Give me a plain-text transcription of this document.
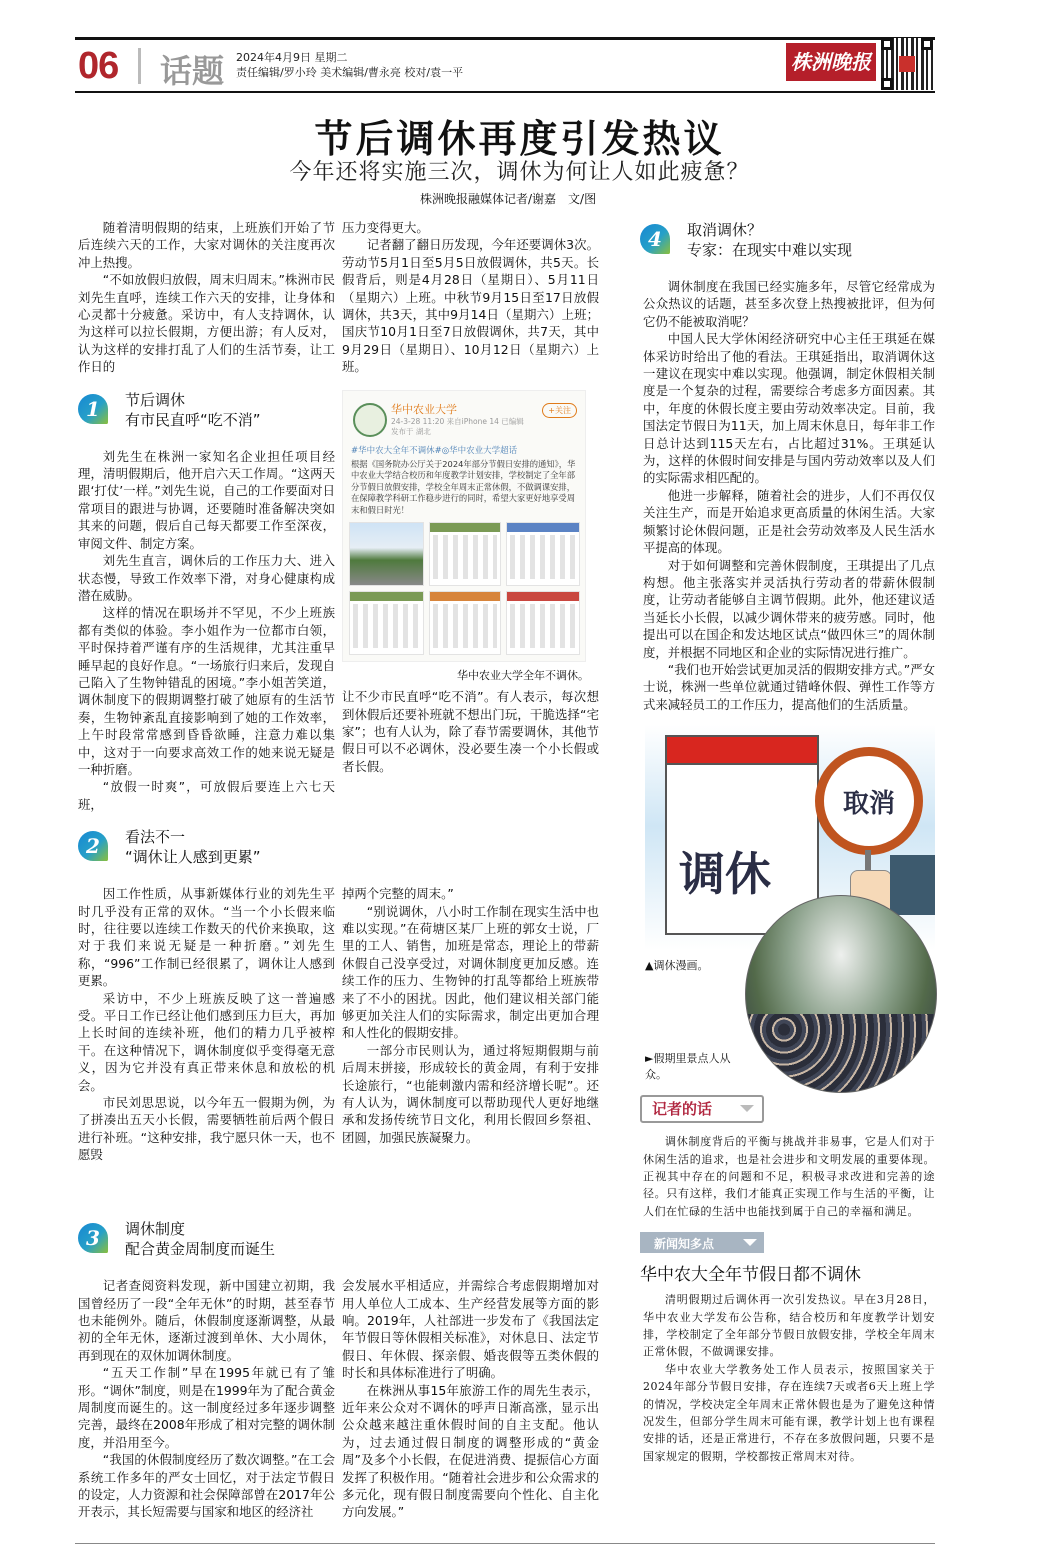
06 话题 2024年4月9日 星期二
责任编辑/罗小玲 美术编辑/曹永亮 校对/袁一平	株洲晚报
节后调休再度引发热议
今年还将实施三次，调休为何让人如此疲惫？
株洲晚报融媒体记者/谢嘉　文/图

随着清明假期的结束，上班族们开始了节后连续六天的工作，大家对调休的关注度再次冲上热搜。

“不如放假归放假，周末归周末。”株洲市民刘先生直呼，连续工作六天的安排，让身体和心灵都十分疲惫。采访中，有人支持调休，认为这样可以拉长假期，方便出游；有人反对，认为这样的安排打乱了人们的生活节奏，让工作日的

压力变得更大。

记者翻了翻日历发现，今年还要调休3次。劳动节5月1日至5月5日放假调休，共5天。长假背后，则是4月28日（星期日）、5月11日（星期六）上班。中秋节9月15日至17日放假调休，共3天，其中9月14日（星期六）上班；国庆节10月1日至7日放假调休，共7天，其中9月29日（星期日）、10月12日（星期六）上班。

1	节后调休
有市民直呼“吃不消”

刘先生在株洲一家知名企业担任项目经理，清明假期后，他开启六天工作周。“这两天跟‘打仗’一样。”刘先生说，自己的工作要面对日常项目的跟进与协调，还要随时准备解决突如其来的问题，假后自己每天都要工作至深夜，审阅文件、制定方案。

刘先生直言，调休后的工作压力大、进入状态慢，导致工作效率下滑，对身心健康构成潜在威胁。

这样的情况在职场并不罕见，不少上班族都有类似的体验。李小姐作为一位都市白领，平时保持着严谨有序的生活规律，尤其注重早睡早起的良好作息。“一场旅行归来后，发现自己陷入了生物钟错乱的困境。”李小姐苦笑道，调休制度下的假期调整打破了她原有的生活节奏，生物钟紊乱直接影响到了她的工作效率，上午时段常常感到昏昏欲睡，注意力难以集中，这对于一向要求高效工作的她来说无疑是一种折磨。

“放假一时爽”，可放假后要连上六七天班，

华中农业大学
24-3-28 11:20 来自iPhone 14 已编辑
发布于 湖北
+关注
#华中农大全年不调休#◎华中农业大学超话
根据《国务院办公厅关于2024年部分节假日安排的通知》，华中农业大学结合校历和年度教学计划安排，学校制定了全年部分节假日放假安排，学校全年周末正常休假，不做调课安排，在保障教学科研工作稳步进行的同时，希望大家更好地享受周末和假日时光！
华中农业大学全年不调休。

让不少市民直呼“吃不消”。有人表示，每次想到休假后还要补班就不想出门玩，干脆选择“宅家”；也有人认为，除了春节需要调休，其他节假日可以不必调休，没必要生凑一个小长假或者长假。

2	看法不一
“调休让人感到更累”

因工作性质，从事新媒体行业的刘先生平时几乎没有正常的双休。“当一个小长假来临时，往往要以连续工作数天的代价来换取，这对于我们来说无疑是一种折磨。”刘先生称，“996”工作制已经很累了，调休让人感到更累。

采访中，不少上班族反映了这一普遍感受。平日工作已经让他们感到压力巨大，再加上长时间的连续补班，他们的精力几乎被榨干。在这种情况下，调休制度似乎变得毫无意义，因为它并没有真正带来休息和放松的机会。

市民刘思思说，以今年五一假期为例，为了拼凑出五天小长假，需要牺牲前后两个假日进行补班。“这种安排，我宁愿只休一天，也不愿毁

掉两个完整的周末。”

“别说调休，八小时工作制在现实生活中也难以实现。”在荷塘区某厂上班的郭女士说，厂里的工人、销售，加班是常态，理论上的带薪休假自己没享受过，对调休制度更加反感。连续工作的压力、生物钟的打乱等都给上班族带来了不小的困扰。因此，他们建议相关部门能够更加关注人们的实际需求，制定出更加合理和人性化的假期安排。

一部分市民则认为，通过将短期假期与前后周末拼接，形成较长的黄金周，有利于安排长途旅行，“也能刺激内需和经济增长呢”。还有人认为，调休制度可以帮助现代人更好地继承和发扬传统节日文化，利用长假回乡祭祖、团圆，加强民族凝聚力。

3	调休制度
配合黄金周制度而诞生

记者查阅资料发现，新中国建立初期，我国曾经历了一段“全年无休”的时期，甚至春节也未能例外。随后，休假制度逐渐调整，从最初的全年无休，逐渐过渡到单休、大小周休，再到现在的双休加调休制度。

“五天工作制”早在1995年就已有了雏形。“调休”制度，则是在1999年为了配合黄金周制度而诞生的。这一制度经过多年逐步调整完善，最终在2008年形成了相对完整的调休制度，并沿用至今。

“我国的休假制度经历了数次调整。”在工会系统工作多年的严女士回忆，对于法定节假日的设定，人力资源和社会保障部曾在2017年公开表示，其长短需要与国家和地区的经济社

会发展水平相适应，并需综合考虑假期增加对用人单位人工成本、生产经营发展等方面的影响。2019年，人社部进一步发布了《我国法定年节假日等休假相关标准》，对休息日、法定节假日、年休假、探亲假、婚丧假等五类休假的时长和具体标准进行了明确。

在株洲从事15年旅游工作的周先生表示，近年来公众对不调休的呼声日渐高涨，显示出公众越来越注重休假时间的自主支配。他认为，过去通过假日制度的调整形成的“黄金周”及多个小长假，在促进消费、提振信心方面发挥了积极作用。“随着社会进步和公众需求的多元化，现有假日制度需要向个性化、自主化方向发展。”

4	取消调休？
专家：在现实中难以实现

调休制度在我国已经实施多年，尽管它经常成为公众热议的话题，甚至多次登上热搜被批评，但为何它仍不能被取消呢？

中国人民大学休闲经济研究中心主任王琪延在媒体采访时给出了他的看法。王琪延指出，取消调休这一建议在现实中难以实现。他强调，制定休假相关制度是一个复杂的过程，需要综合考虑多方面因素。其中，年度的休假长度主要由劳动效率决定。目前，我国法定节假日为11天，加上周末休息日，每年非工作日总计达到115天左右，占比超过31%。王琪延认为，这样的休假时间安排是与国内劳动效率以及人们的实际需求相匹配的。

他进一步解释，随着社会的进步，人们不再仅仅关注生产，而是开始追求更高质量的休闲生活。大家频繁讨论休假问题，正是社会劳动效率及人民生活水平提高的体现。

对于如何调整和完善休假制度，王琪提出了几点构想。他主张落实并灵活执行劳动者的带薪休假制度，让劳动者能够自主调节假期。此外，他还建议适当延长小长假，以减少调休带来的疲劳感。同时，他提出可以在国企和发达地区试点“做四休三”的周休制度，并根据不同地区和企业的实际情况进行推广。

“我们也开始尝试更加灵活的假期安排方式。”严女士说，株洲一些单位就通过错峰休假、弹性工作等方式来减轻员工的工作压力，提高他们的生活质量。

调休
取消
▲调休漫画。
►假期里景点人从众。
记者的话

调休制度背后的平衡与挑战并非易事，它是人们对于休闲生活的追求，也是社会进步和文明发展的重要体现。正视其中存在的问题和不足，积极寻求改进和完善的途径。只有这样，我们才能真正实现工作与生活的平衡，让人们在忙碌的生活中也能找到属于自己的幸福和满足。

新闻知多点
华中农大全年节假日都不调休

清明假期过后调休再一次引发热议。早在3月28日，华中农业大学发布公告称，结合校历和年度教学计划安排，学校制定了全年部分节假日放假安排，学校全年周末正常休假，不做调课安排。

华中农业大学教务处工作人员表示，按照国家关于2024年部分节假日安排，存在连续7天或者6天上班上学的情况，学校决定全年周末正常休假也是为了避免这种情况发生，但部分学生周末可能有课，教学计划上也有课程安排的话，还是正常进行，不存在多放假问题，只要不是国家规定的假期，学校都按正常周末对待。
